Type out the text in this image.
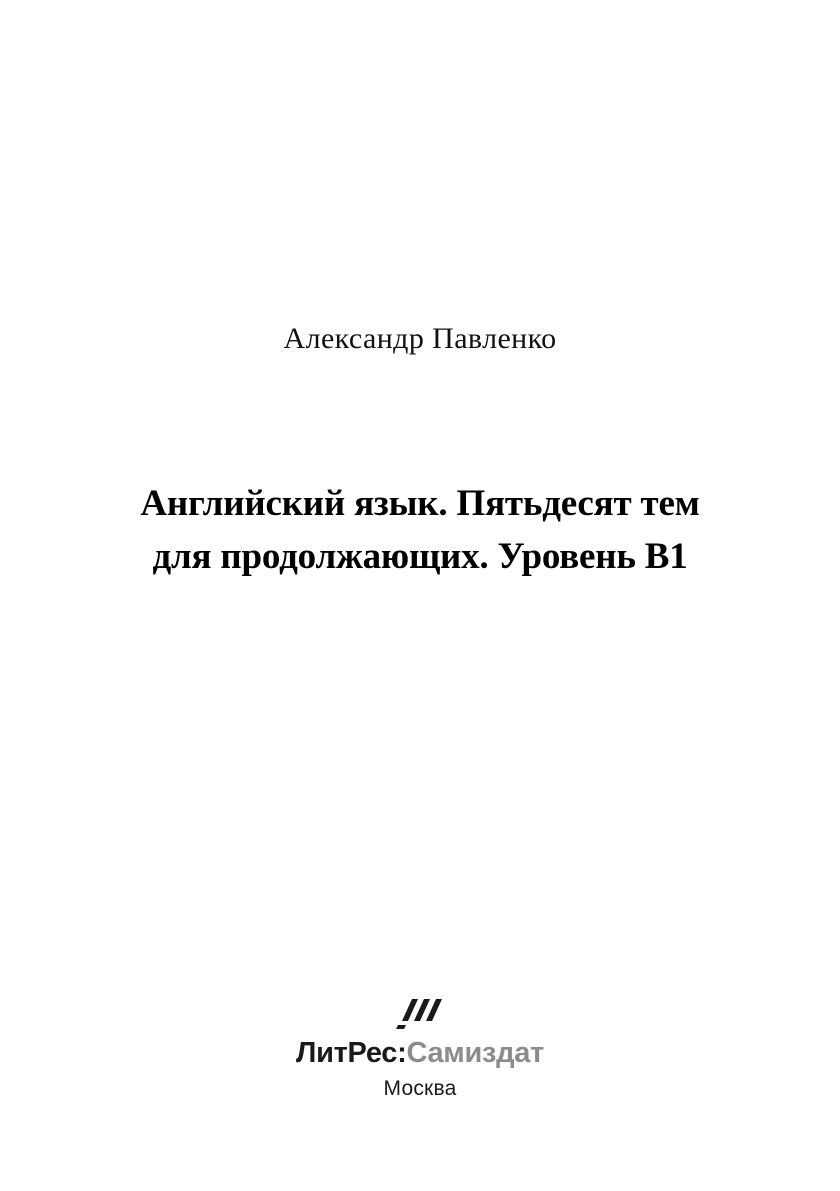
Александр Павленко
Английский язык. Пятьдесят тем
для продолжающих. Уровень B1
ЛитРес:Самиздат
Москва
